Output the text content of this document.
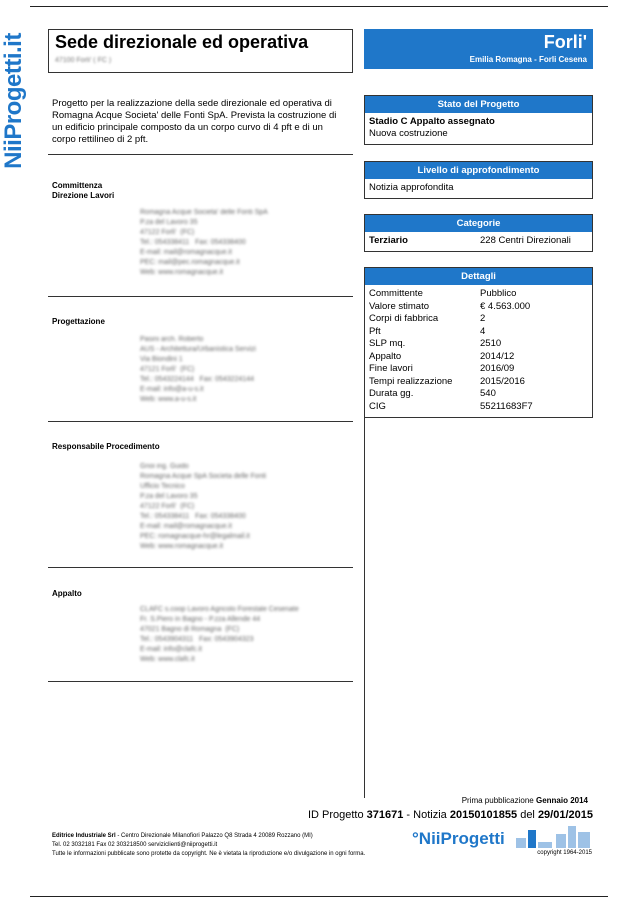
NiiProgetti.it Sede direzionale ed operativa
47100 Forli' ( FC )
Forli'
Emilia Romagna - Forli Cesena
Progetto per la realizzazione della sede direzionale ed operativa di Romagna Acque Societa' delle Fonti SpA. Prevista la costruzione di un edificio principale composto da un corpo curvo di 4 pft e di un corpo rettilineo di 2 pft.
Committenza
Direzione Lavori
Romagna Acque Societa' delle Fonti SpA
P.za del Lavoro 35
47122 Forli'  (FC)
Tel.: 054338411   Fax: 054338400
E-mail: mail@romagnacque.it
PEC: mail@pec.romagnacque.it
Web: www.romagnacque.it
Progettazione
Pasini arch. Roberto
AUS - Architettura/Urbanistica Servizi
Via Biondini 1
47121 Forli'  (FC)
Tel.: 0543224144   Fax: 0543224144
E-mail: info@a-u-s.it
Web: www.a-u-s.it
Responsabile Procedimento
Gnoi ing. Guido
Romagna Acque SpA Societa delle Fonti
Ufficio Tecnico
P.za del Lavoro 35
47122 Forli'  (FC)
Tel.: 054338411   Fax: 054338400
E-mail: mail@romagnacque.it
PEC: romagnacque-hr@legalmail.it
Web: www.romagnacque.it
Appalto
CLAFC s.coop Lavoro Agricolo Forestale Cesenate
Fr. S.Piero in Bagno - P.zza Allende 44
47021 Bagno di Romagna  (FC)
Tel.: 0543904311   Fax: 0543904323
E-mail: info@clafc.it
Web: www.clafc.it
Stato del Progetto
Stadio C Appalto assegnato
Nuova costruzione
Livello di approfondimento
Notizia approfondita
Categorie
Terziario	228 Centri Direzionali
Dettagli
Committente	Pubblico
Valore stimato	€ 4.563.000
Corpi di fabbrica	2
Pft	4
SLP mq.	2510
Appalto	2014/12
Fine lavori	2016/09
Tempi realizzazione	2015/2016
Durata gg.	540
CIG	55211683F7
Prima pubblicazione Gennaio 2014
ID Progetto 371671 - Notizia 20150101855 del 29/01/2015
Editrice Industriale Srl - Centro Direzionale Milanofiori Palazzo Q8 Strada 4 20089 Rozzano (MI)
Tel. 02 3032181 Fax 02 303218500 serviziclienti@niiprogetti.it
Tutte le informazioni pubblicate sono protette da copyright. Ne è vietata la riproduzione e/o divulgazione in ogni forma.
°NiiProgetti
copyright 1964-2015
